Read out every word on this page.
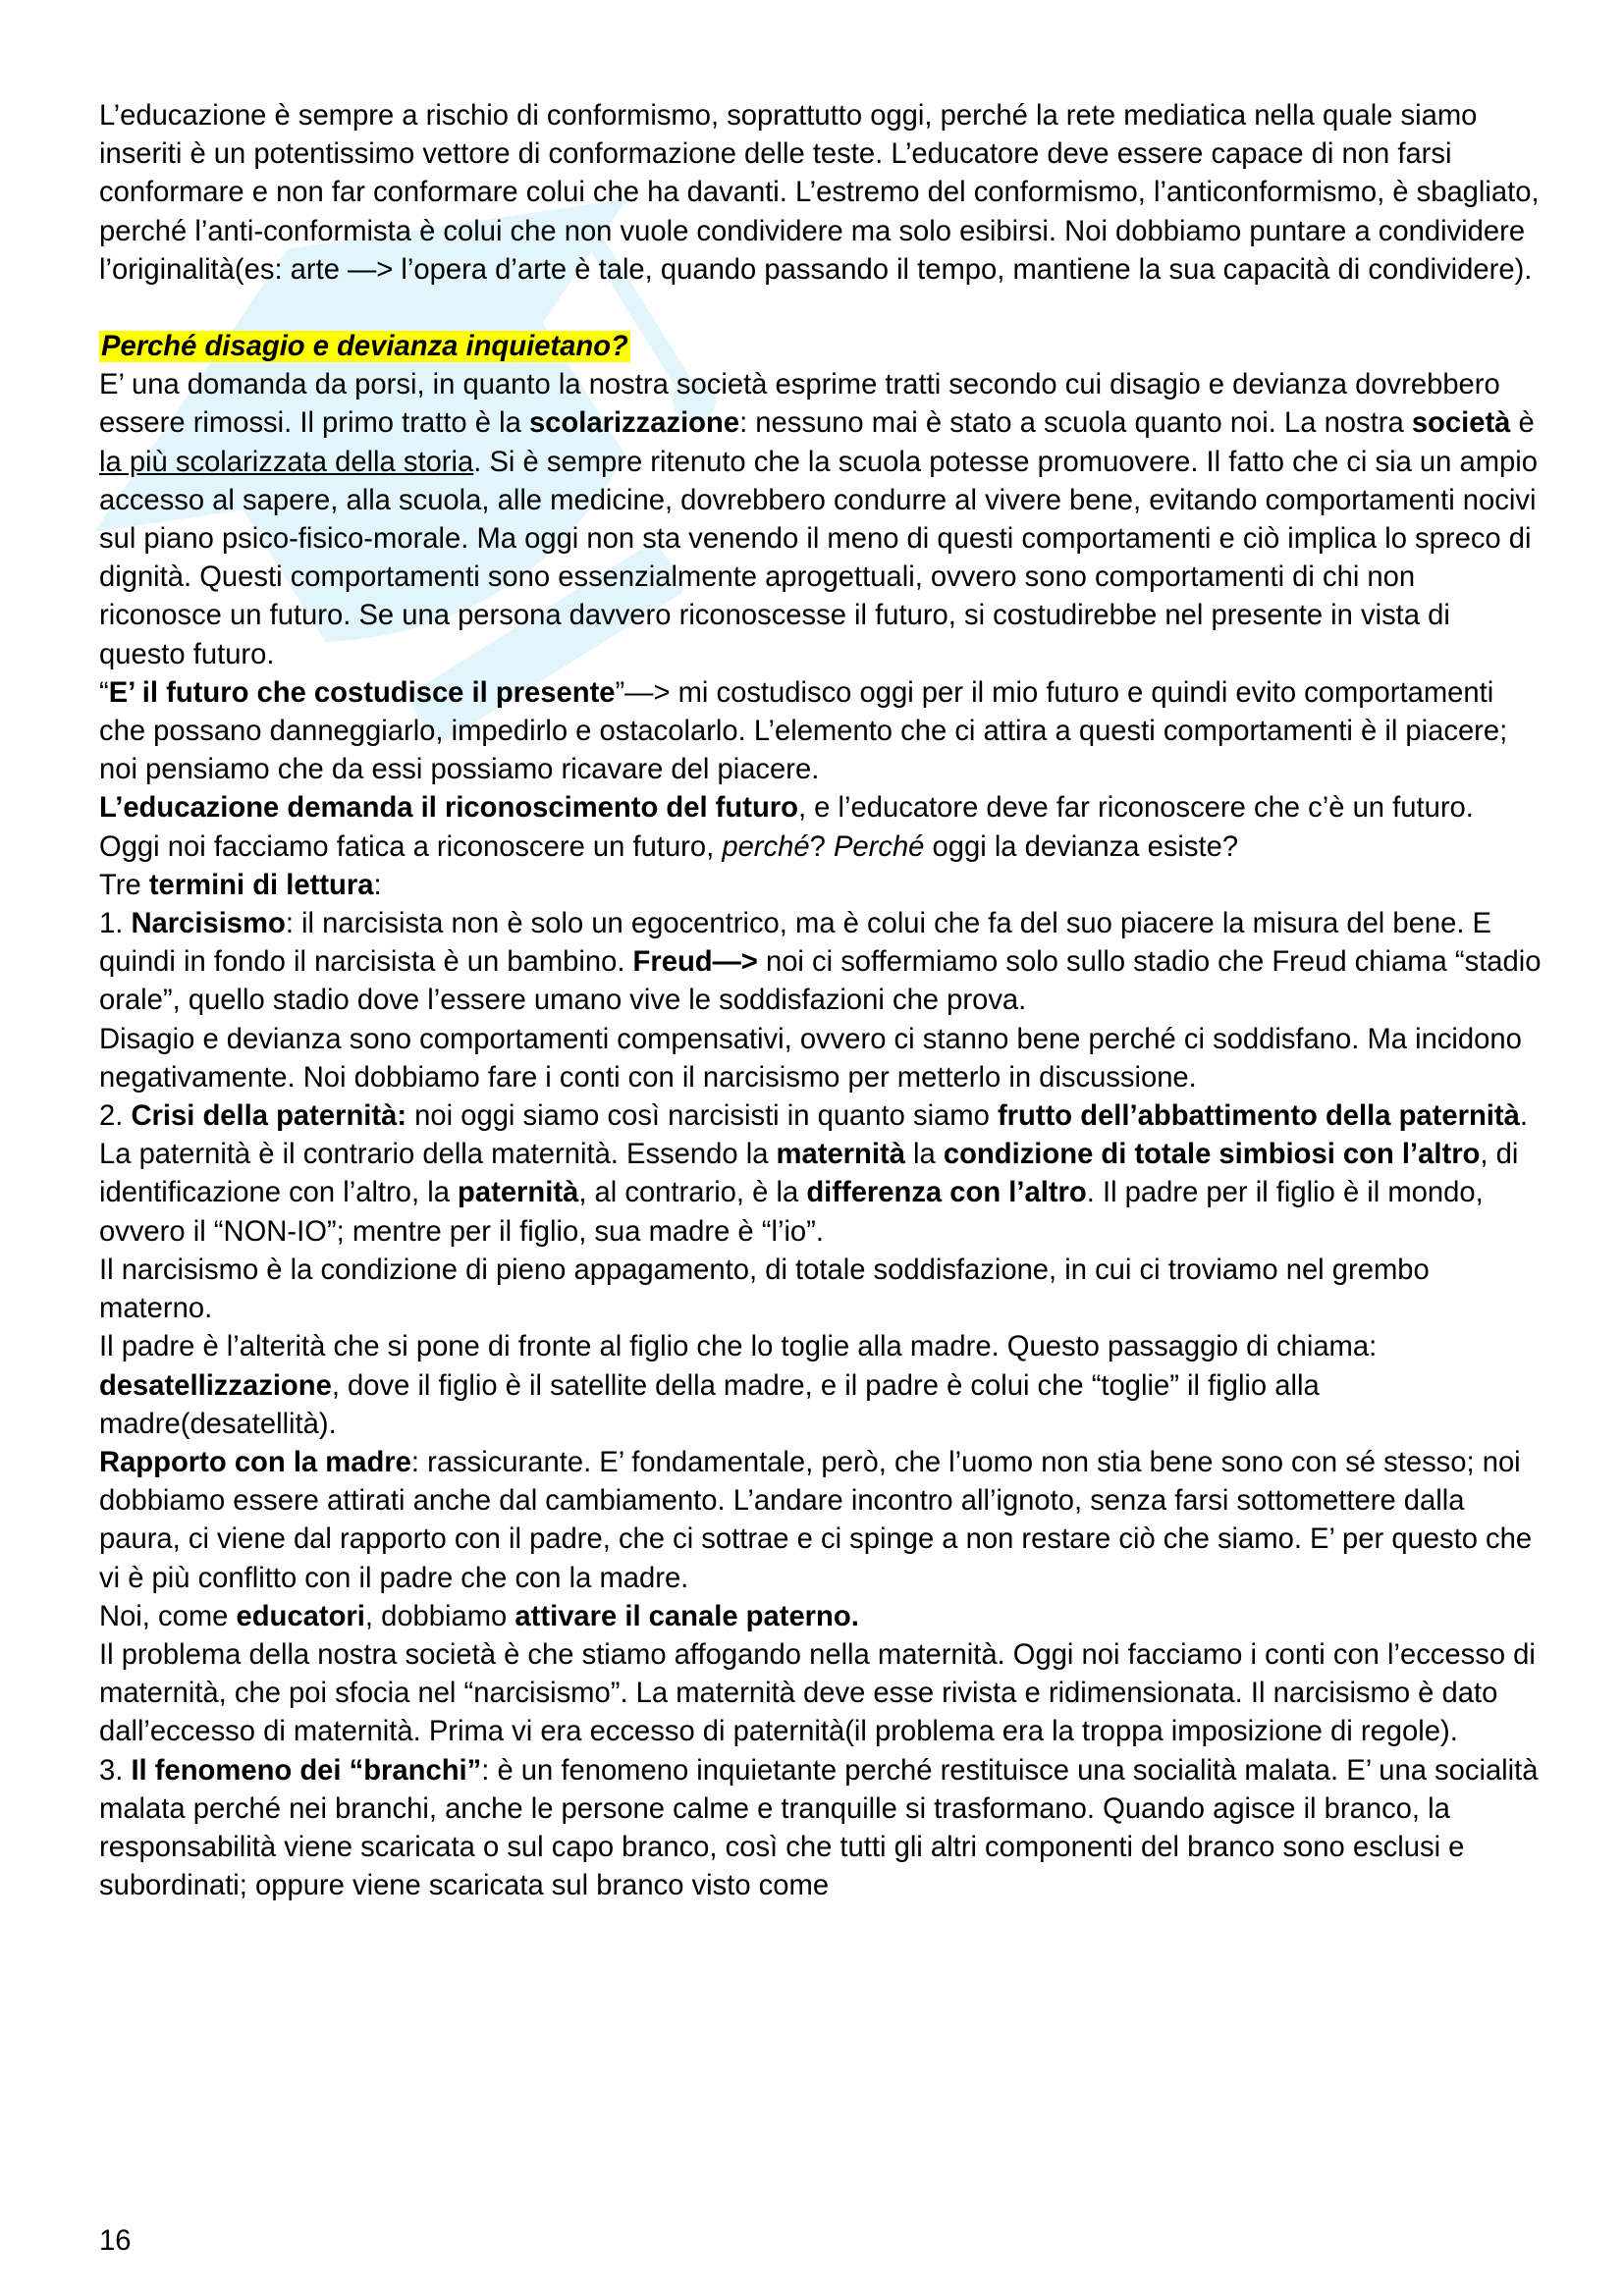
L’educazione è sempre a rischio di conformismo, soprattutto oggi, perché la rete mediatica nella quale siamo inseriti è un potentissimo vettore di conformazione delle teste. L’educatore deve essere capace di non farsi conformare e non far conformare colui che ha davanti. L’estremo del conformismo, l’anticonformismo, è sbagliato, perché l’anti-conformista è colui che non vuole condividere ma solo esibirsi. Noi dobbiamo puntare a condividere l’originalità(es: arte —> l’opera d’arte è tale, quando passando il tempo, mantiene la sua capacità di condividere).

Perché disagio e devianza inquietano?

E’ una domanda da porsi, in quanto la nostra società esprime tratti secondo cui disagio e devianza dovrebbero essere rimossi. Il primo tratto è la scolarizzazione: nessuno mai è stato a scuola quanto noi. La nostra società è la più scolarizzata della storia. Si è sempre ritenuto che la scuola potesse promuovere. Il fatto che ci sia un ampio accesso al sapere, alla scuola, alle medicine, dovrebbero condurre al vivere bene, evitando comportamenti nocivi sul piano psico-fisico-morale. Ma oggi non sta venendo il meno di questi comportamenti e ciò implica lo spreco di dignità. Questi comportamenti sono essenzialmente aprogettuali, ovvero sono comportamenti di chi non riconosce un futuro. Se una persona davvero riconoscesse il futuro, si costudirebbe nel presente in vista di questo futuro.

“E’ il futuro che costudisce il presente”—> mi costudisco oggi per il mio futuro e quindi evito comportamenti che possano danneggiarlo, impedirlo e ostacolarlo. L’elemento che ci attira a questi comportamenti è il piacere; noi pensiamo che da essi possiamo ricavare del piacere.

L’educazione demanda il riconoscimento del futuro, e l’educatore deve far riconoscere che c’è un futuro.

Oggi noi facciamo fatica a riconoscere un futuro, perché? Perché oggi la devianza esiste?

Tre termini di lettura:

1. Narcisismo: il narcisista non è solo un egocentrico, ma è colui che fa del suo piacere la misura del bene. E quindi in fondo il narcisista è un bambino. Freud—> noi ci soffermiamo solo sullo stadio che Freud chiama “stadio orale”, quello stadio dove l’essere umano vive le soddisfazioni che prova.

Disagio e devianza sono comportamenti compensativi, ovvero ci stanno bene perché ci soddisfano. Ma incidono negativamente. Noi dobbiamo fare i conti con il narcisismo per metterlo in discussione.

2. Crisi della paternità: noi oggi siamo così narcisisti in quanto siamo frutto dell’abbattimento della paternità. La paternità è il contrario della maternità. Essendo la maternità la condizione di totale simbiosi con l’altro, di identificazione con l’altro, la paternità, al contrario, è la differenza con l’altro. Il padre per il figlio è il mondo, ovvero il “NON-IO”; mentre per il figlio, sua madre è “l’io”.

Il narcisismo è la condizione di pieno appagamento, di totale soddisfazione, in cui ci troviamo nel grembo materno.

Il padre è l’alterità che si pone di fronte al figlio che lo toglie alla madre. Questo passaggio di chiama: desatellizzazione, dove il figlio è il satellite della madre, e il padre è colui che “toglie” il figlio alla madre(desatellità).

Rapporto con la madre: rassicurante. E’ fondamentale, però, che l’uomo non stia bene sono con sé stesso; noi dobbiamo essere attirati anche dal cambiamento. L’andare incontro all’ignoto, senza farsi sottomettere dalla paura, ci viene dal rapporto con il padre, che ci sottrae e ci spinge a non restare ciò che siamo. E’ per questo che vi è più conflitto con il padre che con la madre.

Noi, come educatori, dobbiamo attivare il canale paterno.

Il problema della nostra società è che stiamo affogando nella maternità. Oggi noi facciamo i conti con l’eccesso di maternità, che poi sfocia nel “narcisismo”. La maternità deve esse rivista e ridimensionata. Il narcisismo è dato dall’eccesso di maternità. Prima vi era eccesso di paternità(il problema era la troppa imposizione di regole).

3. Il fenomeno dei “branchi”: è un fenomeno inquietante perché restituisce una socialità malata. E’ una socialità malata perché nei branchi, anche le persone calme e tranquille si trasformano. Quando agisce il branco, la responsabilità viene scaricata o sul capo branco, così che tutti gli altri componenti del branco sono esclusi e subordinati; oppure viene scaricata sul branco visto come

16
